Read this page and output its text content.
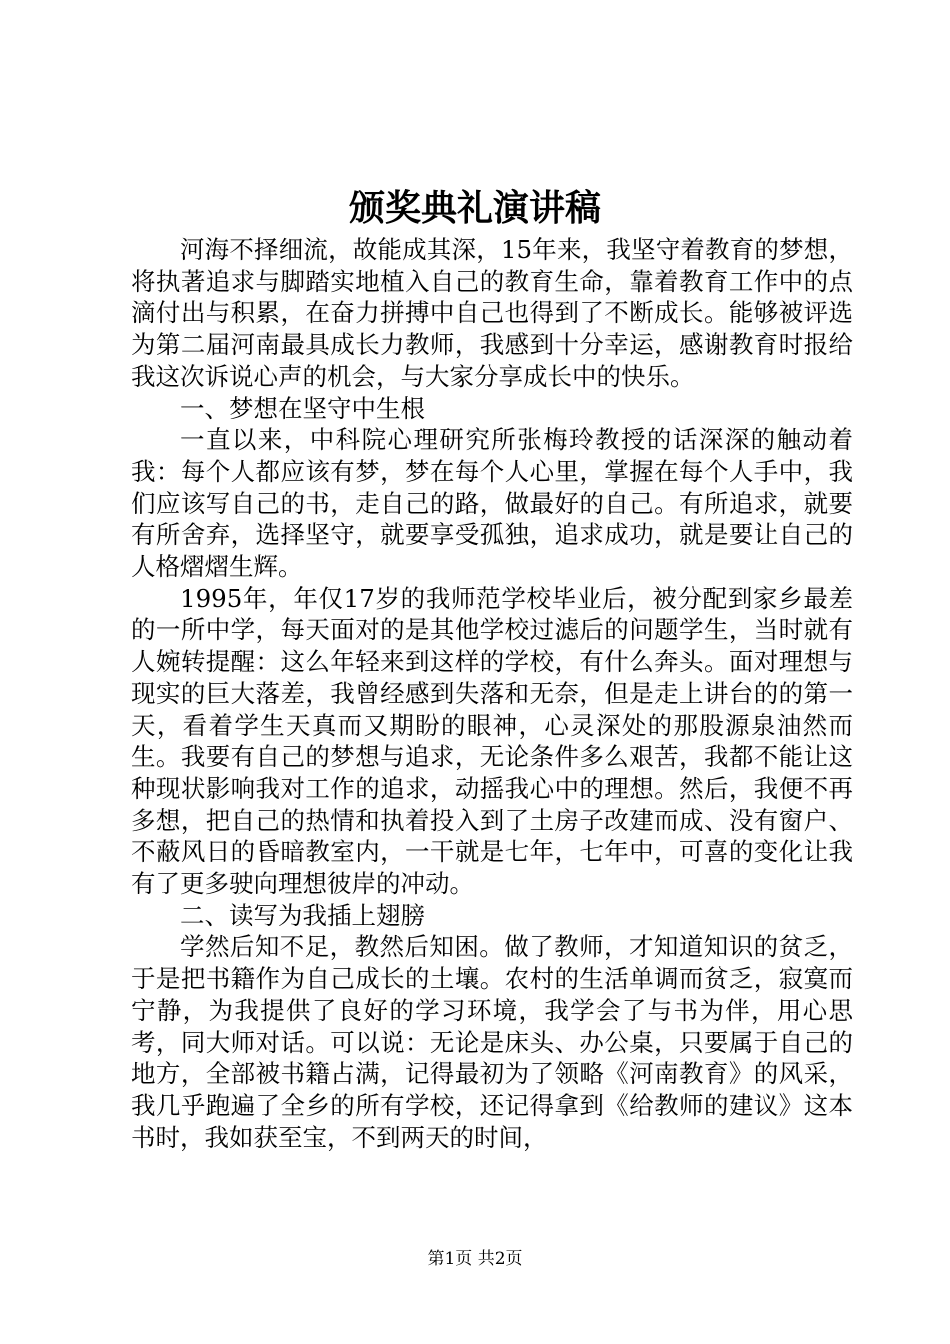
颁奖典礼演讲稿

河海不择细流，故能成其深，15年来，我坚守着教育的梦想，将执著追求与脚踏实地植入自己的教育生命，靠着教育工作中的点滴付出与积累，在奋力拼搏中自己也得到了不断成长。能够被评选为第二届河南最具成长力教师，我感到十分幸运，感谢教育时报给我这次诉说心声的机会，与大家分享成长中的快乐。

一、梦想在坚守中生根

一直以来，中科院心理研究所张梅玲教授的话深深的触动着我：每个人都应该有梦，梦在每个人心里，掌握在每个人手中，我们应该写自己的书，走自己的路，做最好的自己。有所追求，就要有所舍弃，选择坚守，就要享受孤独，追求成功，就是要让自己的人格熠熠生辉。

1995年，年仅17岁的我师范学校毕业后，被分配到家乡最差的一所中学，每天面对的是其他学校过滤后的问题学生，当时就有人婉转提醒：这么年轻来到这样的学校，有什么奔头。面对理想与现实的巨大落差，我曾经感到失落和无奈，但是走上讲台的的第一天，看着学生天真而又期盼的眼神，心灵深处的那股源泉油然而生。我要有自己的梦想与追求，无论条件多么艰苦，我都不能让这种现状影响我对工作的追求，动摇我心中的理想。然后，我便不再多想，把自己的热情和执着投入到了土房子改建而成、没有窗户、不蔽风日的昏暗教室内，一干就是七年，七年中，可喜的变化让我有了更多驶向理想彼岸的冲动。

二、读写为我插上翅膀

学然后知不足，教然后知困。做了教师，才知道知识的贫乏，于是把书籍作为自己成长的土壤。农村的生活单调而贫乏，寂寞而宁静，为我提供了良好的学习环境，我学会了与书为伴，用心思考，同大师对话。可以说：无论是床头、办公桌，只要属于自己的地方，全部被书籍占满，记得最初为了领略《河南教育》的风采，我几乎跑遍了全乡的所有学校，还记得拿到《给教师的建议》这本书时，我如获至宝，不到两天的时间，

第1页 共2页
